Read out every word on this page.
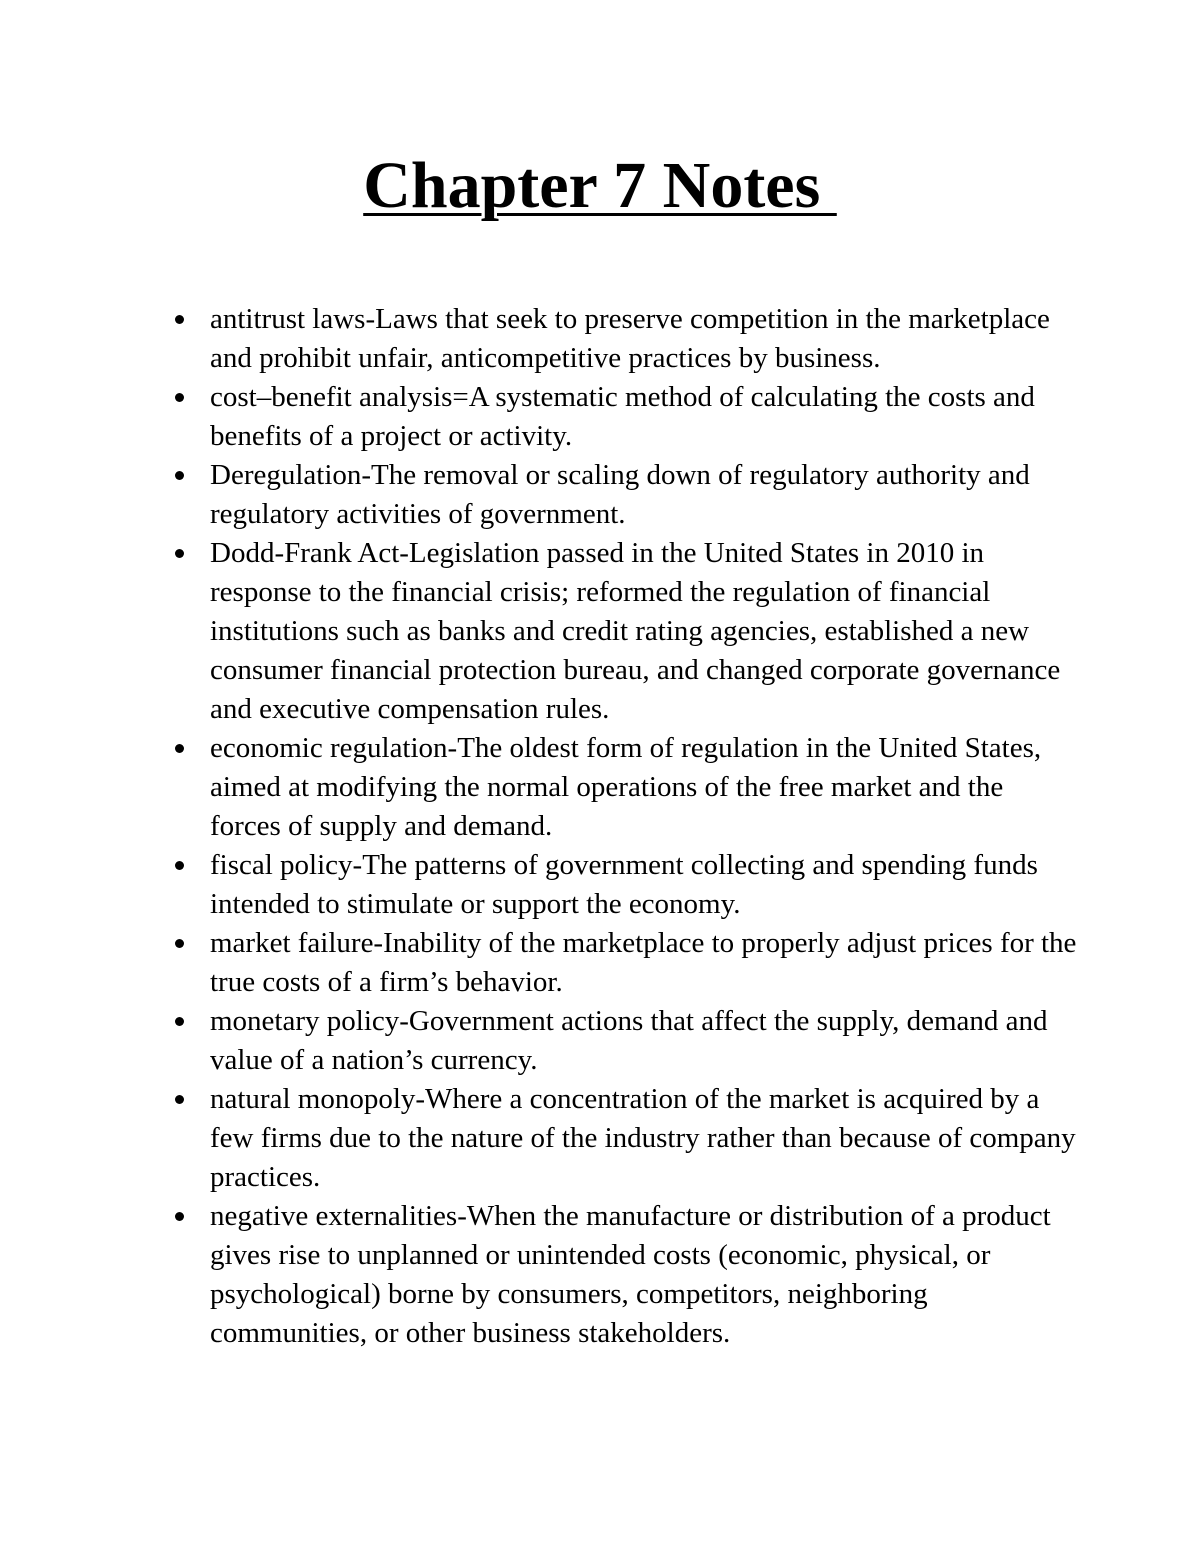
Chapter 7 Notes
antitrust laws-Laws that seek to preserve competition in the marketplace and prohibit unfair, anticompetitive practices by business.
cost–benefit analysis=A systematic method of calculating the costs and benefits of a project or activity.
Deregulation-The removal or scaling down of regulatory authority and regulatory activities of government.
Dodd-Frank Act-Legislation passed in the United States in 2010 in response to the financial crisis; reformed the regulation of financial institutions such as banks and credit rating agencies, established a new consumer financial protection bureau, and changed corporate governance and executive compensation rules.
economic regulation-The oldest form of regulation in the United States, aimed at modifying the normal operations of the free market and the forces of supply and demand.
fiscal policy-The patterns of government collecting and spending funds intended to stimulate or support the economy.
market failure-Inability of the marketplace to properly adjust prices for the true costs of a firm’s behavior.
monetary policy-Government actions that affect the supply, demand and value of a nation’s currency.
natural monopoly-Where a concentration of the market is acquired by a few firms due to the nature of the industry rather than because of company practices.
negative externalities-When the manufacture or distribution of a product gives rise to unplanned or unintended costs (economic, physical, or psychological) borne by consumers, competitors, neighboring communities, or other business stakeholders.
